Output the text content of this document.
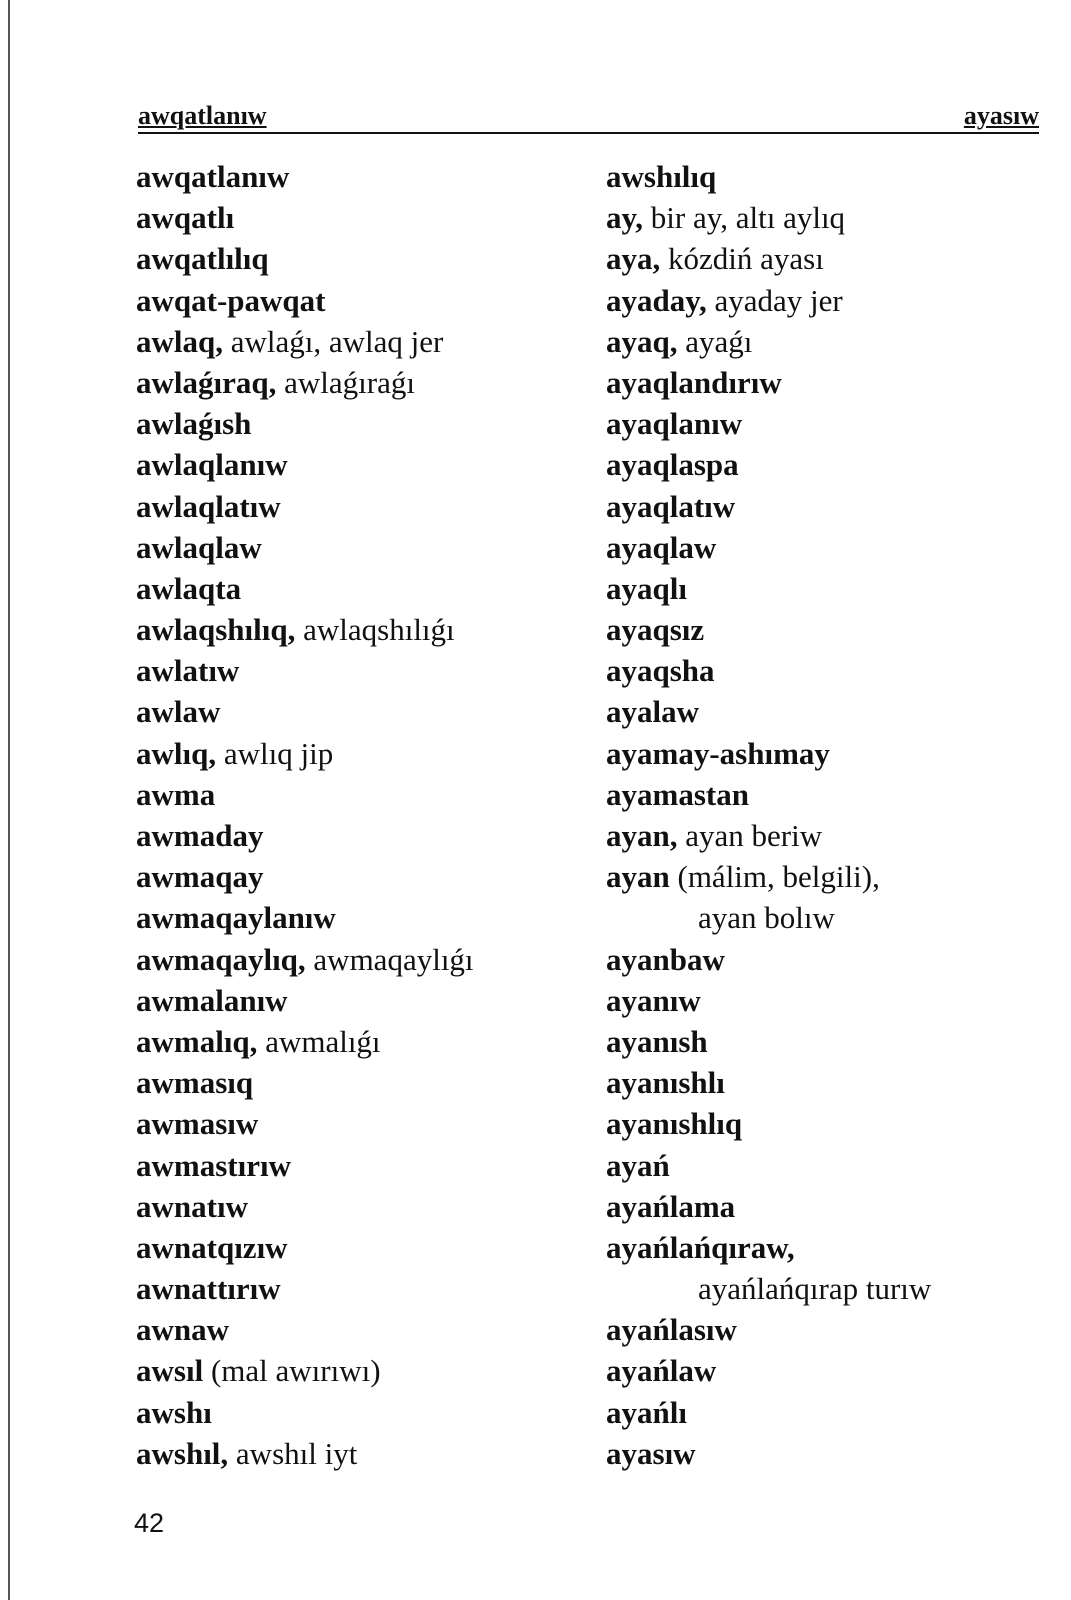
awqatlanıw	ayasıw
awqatlanıw
awqatlı
awqatlılıq
awqat-pawqat
awlaq, awlaǵı, awlaq jer
awlaǵıraq, awlaǵıraǵı
awlaǵısh
awlaqlanıw
awlaqlatıw
awlaqlaw
awlaqta
awlaqshılıq, awlaqshılıǵı
awlatıw
awlaw
awlıq, awlıq jip
awma
awmaday
awmaqay
awmaqaylanıw
awmaqaylıq, awmaqaylıǵı
awmalanıw
awmalıq, awmalıǵı
awmasıq
awmasıw
awmastırıw
awnatıw
awnatqızıw
awnattırıw
awnaw
awsıl (mal awırıwı)
awshı
awshıl, awshıl iyt
awshılıq
ay, bir ay, altı aylıq
aya, kózdiń ayası
ayaday, ayaday jer
ayaq, ayaǵı
ayaqlandırıw
ayaqlanıw
ayaqlaspa
ayaqlatıw
ayaqlaw
ayaqlı
ayaqsız
ayaqsha
ayalaw
ayamay-ashımay
ayamastan
ayan, ayan beriw
ayan (málim, belgili),
ayan bolıw
ayanbaw
ayanıw
ayanısh
ayanıshlı
ayanıshlıq
ayań
ayańlama
ayańlańqıraw,
ayańlańqırap turıw
ayańlasıw
ayańlaw
ayańlı
ayasıw
42
